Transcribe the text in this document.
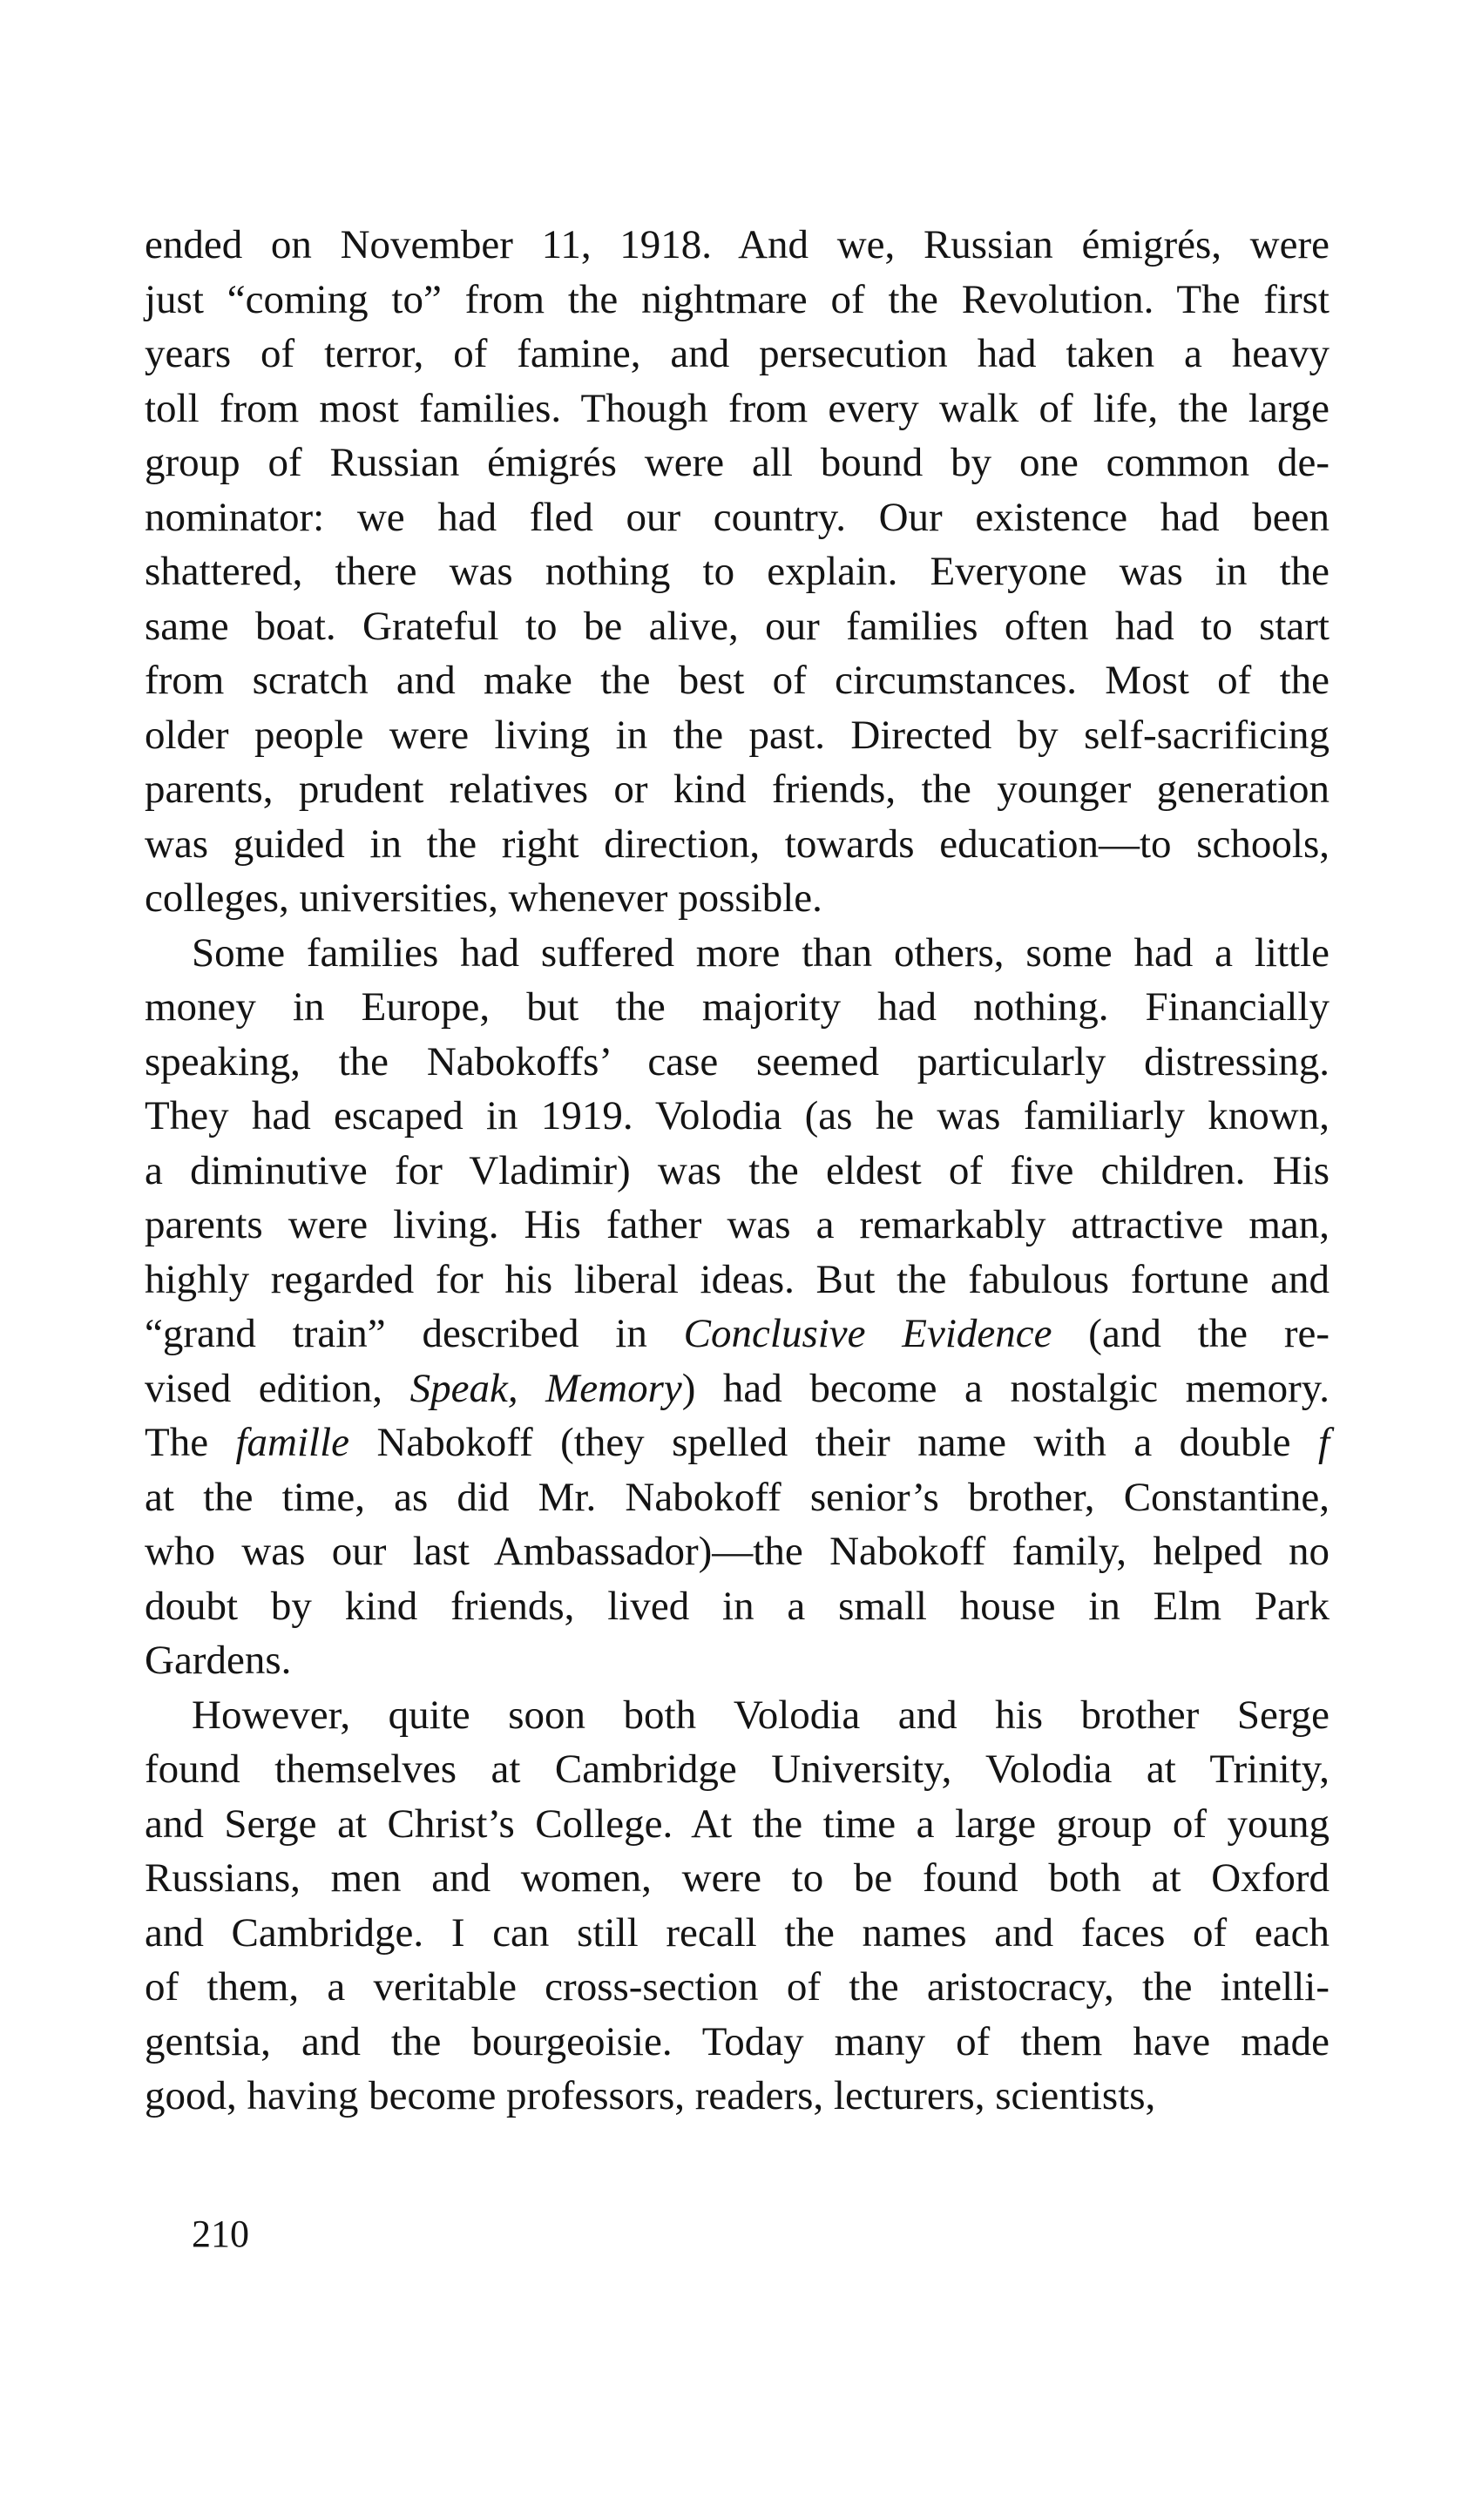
ended on November 11, 1918. And we, Russian émigrés, were
just “coming to” from the nightmare of the Revolution. The first
years of terror, of famine, and persecution had taken a heavy
toll from most families. Though from every walk of life, the large
group of Russian émigrés were all bound by one common de-
nominator: we had fled our country. Our existence had been
shattered, there was nothing to explain. Everyone was in the
same boat. Grateful to be alive, our families often had to start
from scratch and make the best of circumstances. Most of the
older people were living in the past. Directed by self-sacrificing
parents, prudent relatives or kind friends, the younger generation
was guided in the right direction, towards education—to schools,
colleges, universities, whenever possible.
Some families had suffered more than others, some had a little
money in Europe, but the majority had nothing. Financially
speaking, the Nabokoffs’ case seemed particularly distressing.
They had escaped in 1919. Volodia (as he was familiarly known,
a diminutive for Vladimir) was the eldest of five children. His
parents were living. His father was a remarkably attractive man,
highly regarded for his liberal ideas. But the fabulous fortune and
“grand train” described in Conclusive Evidence (and the re-
vised edition, Speak, Memory) had become a nostalgic memory.
The famille Nabokoff (they spelled their name with a double f
at the time, as did Mr. Nabokoff senior’s brother, Constantine,
who was our last Ambassador)—the Nabokoff family, helped no
doubt by kind friends, lived in a small house in Elm Park
Gardens.
However, quite soon both Volodia and his brother Serge
found themselves at Cambridge University, Volodia at Trinity,
and Serge at Christ’s College. At the time a large group of young
Russians, men and women, were to be found both at Oxford
and Cambridge. I can still recall the names and faces of each
of them, a veritable cross-section of the aristocracy, the intelli-
gentsia, and the bourgeoisie. Today many of them have made
good, having become professors, readers, lecturers, scientists,
210
